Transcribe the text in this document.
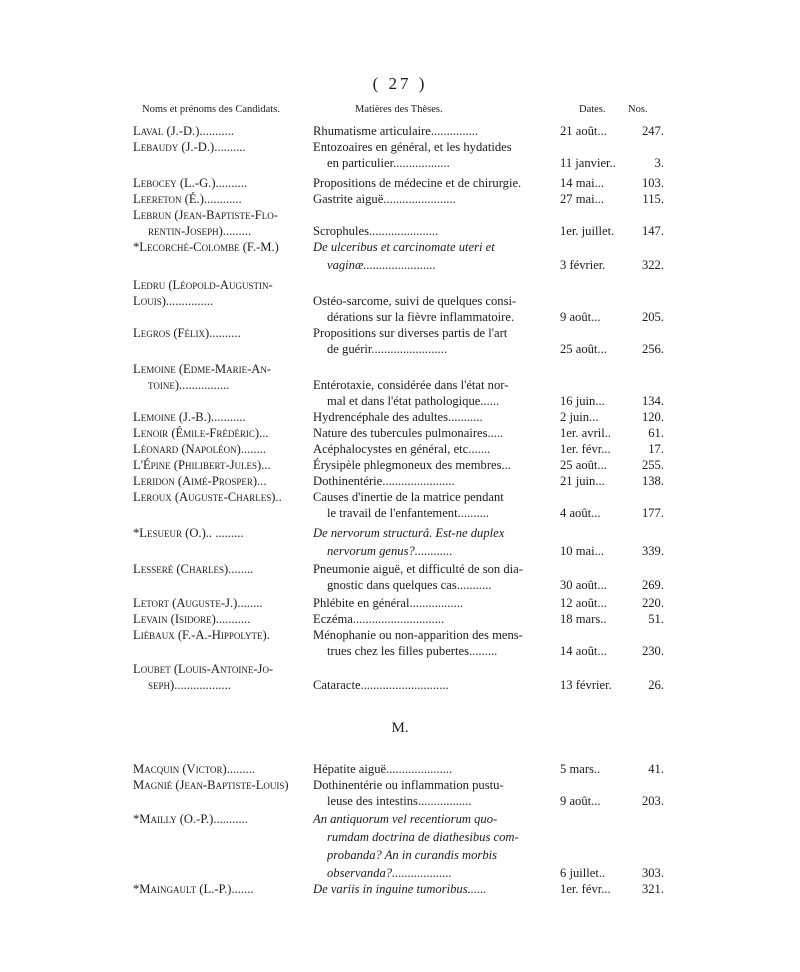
( 27 )
Noms et prénoms des Candidats.	Matières des Thèses.	Dates. Nos.
Laval (J.-D.)...........	Rhumatisme articulaire...............	21 août...	247.
Lebaudy (J.-D.)..........	Entozoaires en général, et les hydatides
en particulier..................	11 janvier..	3.
Lebocey (L.-G.)..........	Propositions de médecine et de chirurgie.	14 mai...	103.
Leereton (É.)............	Gastrite aiguë.......................	27 mai...	115.
Lebrun (Jean-Baptiste-Flo-
rentin-Joseph).........	Scrophules......................	1er. juillet.	147.
*Lecorché-Colombe (F.-M.)	De ulceribus et carcinomate uteri et
vaginæ.......................	3 février.	322.
Ledru (Léopold-Augustin-
Louis)...............	Ostéo-sarcome, suivi de quelques consi-
dérations sur la fièvre inflammatoire.	9 août...	205.
Legros (Félix)..........	Propositions sur diverses partis de l'art
de guérir........................	25 août...	256.
Lemoine (Edme-Marie-An-
toine)................	Entérotaxie, considérée dans l'état nor-
mal et dans l'état pathologique......	16 juin...	134.
Lemoine (J.-B.)...........	Hydrencéphale des adultes...........	2 juin...	120.
Lenoir (Émile-Frédéric)...	Nature des tubercules pulmonaires.....	1er. avril..	61.
Léonard (Napoléon)........	Acéphalocystes en général, etc.......	1er. févr...	17.
L'Épine (Philibert-Jules)...	Érysipèle phlegmoneux des membres...	25 août...	255.
Leridon (Aimé-Prosper)...	Dothinentérie.......................	21 juin...	138.
Leroux (Auguste-Charles)..	Causes d'inertie de la matrice pendant
le travail de l'enfantement..........	4 août...	177.
*Lesueur (O.).. .........	De nervorum structurâ. Est-ne duplex
nervorum genus?............	10 mai...	339.
Lesseré (Charles)........	Pneumonie aiguë, et difficulté de son dia-
gnostic dans quelques cas...........	30 août...	269.
Letort (Auguste-J.)........	Phlébite en général.................	12 août...	220.
Levain (Isidore)...........	Eczéma.............................	18 mars..	51.
Liébaux (F.-A.-Hippolyte).	Ménophanie ou non-apparition des mens-
trues chez les filles pubertes.........	14 août...	230.
Loubet (Louis-Antoine-Jo-
seph)..................	Cataracte............................	13 février.	26.
Macquin (Victor).........	Hépatite aiguë.....................	5 mars..	41.
Magnié (Jean-Baptiste-Louis)	Dothinentérie ou inflammation pustu-
leuse des intestins.................	9 août...	203.
*Mailly (O.-P.)...........	An antiquorum vel recentiorum quo-
rumdam doctrina de diathesibus com-
probanda? An in curandis morbis
observanda?...................	6 juillet..	303.
*Maingault (L.-P.).......	De variis in inguine tumoribus......	1er. févr...	321.
M.
